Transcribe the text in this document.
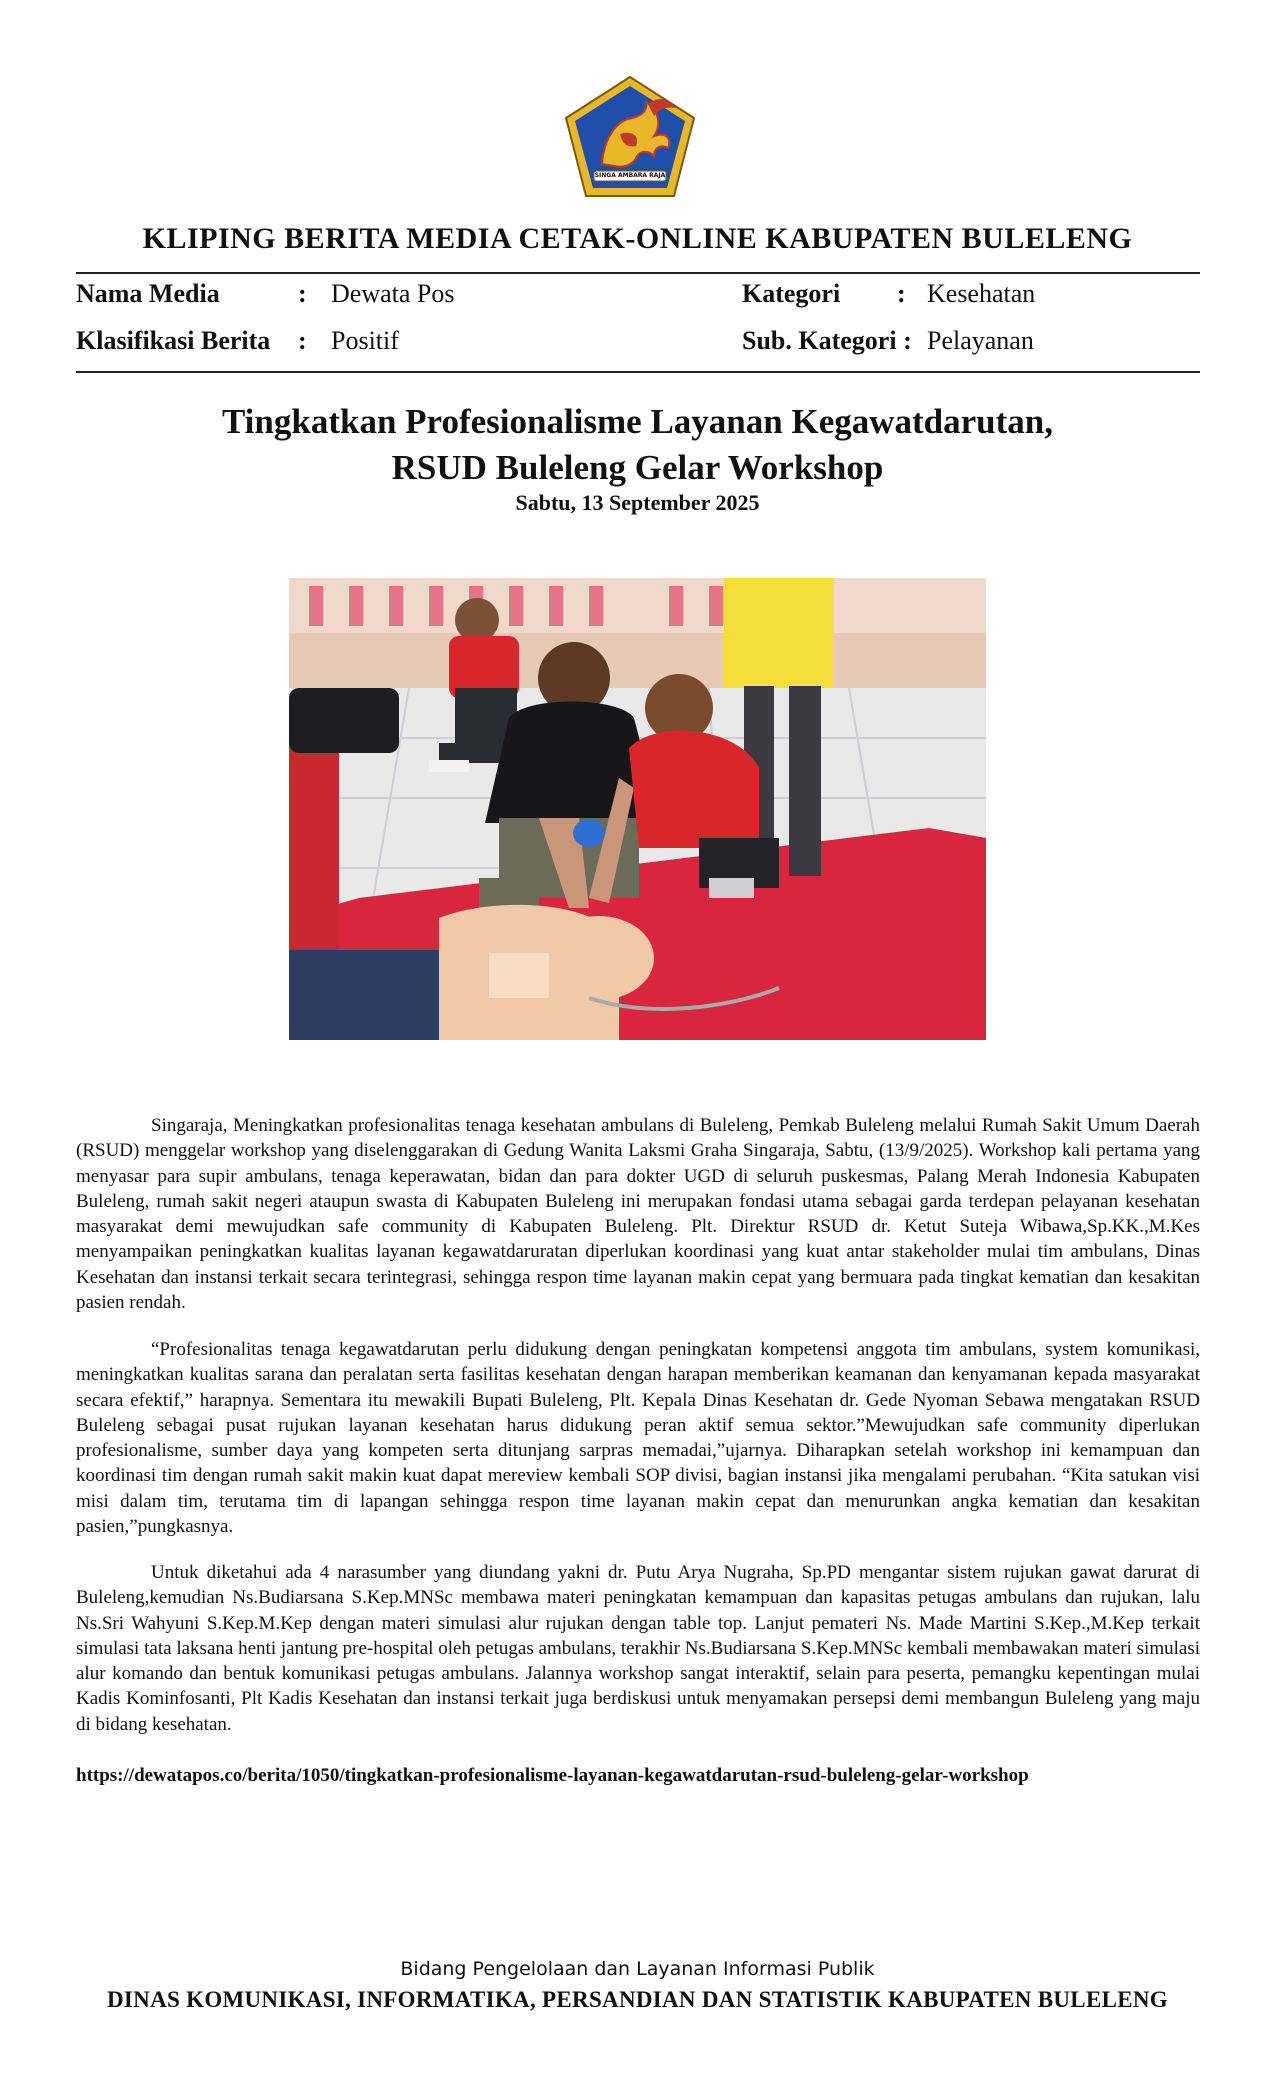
SINGA AMBARA RAJA
KLIPING BERITA MEDIA CETAK-ONLINE KABUPATEN BULELENG
Nama Media	: Dewata Pos	Kategori : Kesehatan
Klasifikasi Berita : Positif	Sub. Kategori : Pelayanan
Tingkatkan Profesionalisme Layanan Kegawatdarutan,
RSUD Buleleng Gelar Workshop
Sabtu, 13 September 2025

Singaraja, Meningkatkan profesionalitas tenaga kesehatan ambulans di Buleleng, Pemkab Buleleng melalui Rumah Sakit Umum Daerah (RSUD) menggelar workshop yang diselenggarakan di Gedung Wanita Laksmi Graha Singaraja, Sabtu, (13/9/2025). Workshop kali pertama yang menyasar para supir ambulans, tenaga keperawatan, bidan dan para dokter UGD di seluruh puskesmas, Palang Merah Indonesia Kabupaten Buleleng, rumah sakit negeri ataupun swasta di Kabupaten Buleleng ini merupakan fondasi utama sebagai garda terdepan pelayanan kesehatan masyarakat demi mewujudkan safe community di Kabupaten Buleleng. Plt. Direktur RSUD dr. Ketut Suteja Wibawa,Sp.KK.,M.Kes menyampaikan peningkatkan kualitas layanan kegawatdaruratan diperlukan koordinasi yang kuat antar stakeholder mulai tim ambulans, Dinas Kesehatan dan instansi terkait secara terintegrasi, sehingga respon time layanan makin cepat yang bermuara pada tingkat kematian dan kesakitan pasien rendah.

“Profesionalitas tenaga kegawatdarutan perlu didukung dengan peningkatan kompetensi anggota tim ambulans, system komunikasi, meningkatkan kualitas sarana dan peralatan serta fasilitas kesehatan dengan harapan memberikan keamanan dan kenyamanan kepada masyarakat secara efektif,” harapnya. Sementara itu mewakili Bupati Buleleng, Plt. Kepala Dinas Kesehatan dr. Gede Nyoman Sebawa mengatakan RSUD Buleleng sebagai pusat rujukan layanan kesehatan harus didukung peran aktif semua sektor.”Mewujudkan safe community diperlukan profesionalisme, sumber daya yang kompeten serta ditunjang sarpras memadai,”ujarnya. Diharapkan setelah workshop ini kemampuan dan koordinasi tim dengan rumah sakit makin kuat dapat mereview kembali SOP divisi, bagian instansi jika mengalami perubahan. “Kita satukan visi misi dalam tim, terutama tim di lapangan sehingga respon time layanan makin cepat dan menurunkan angka kematian dan kesakitan pasien,”pungkasnya.

Untuk diketahui ada 4 narasumber yang diundang yakni dr. Putu Arya Nugraha, Sp.PD mengantar sistem rujukan gawat darurat di Buleleng,kemudian Ns.Budiarsana S.Kep.MNSc membawa materi peningkatan kemampuan dan kapasitas petugas ambulans dan rujukan, lalu Ns.Sri Wahyuni S.Kep.M.Kep dengan materi simulasi alur rujukan dengan table top. Lanjut pemateri Ns. Made Martini S.Kep.,M.Kep terkait simulasi tata laksana henti jantung pre-hospital oleh petugas ambulans, terakhir Ns.Budiarsana S.Kep.MNSc kembali membawakan materi simulasi alur komando dan bentuk komunikasi petugas ambulans. Jalannya workshop sangat interaktif, selain para peserta, pemangku kepentingan mulai Kadis Kominfosanti, Plt Kadis Kesehatan dan instansi terkait juga berdiskusi untuk menyamakan persepsi demi membangun Buleleng yang maju di bidang kesehatan.

https://dewatapos.co/berita/1050/tingkatkan-profesionalisme-layanan-kegawatdarutan-rsud-buleleng-gelar-workshop
Bidang Pengelolaan dan Layanan Informasi Publik
DINAS KOMUNIKASI, INFORMATIKA, PERSANDIAN DAN STATISTIK KABUPATEN BULELENG
